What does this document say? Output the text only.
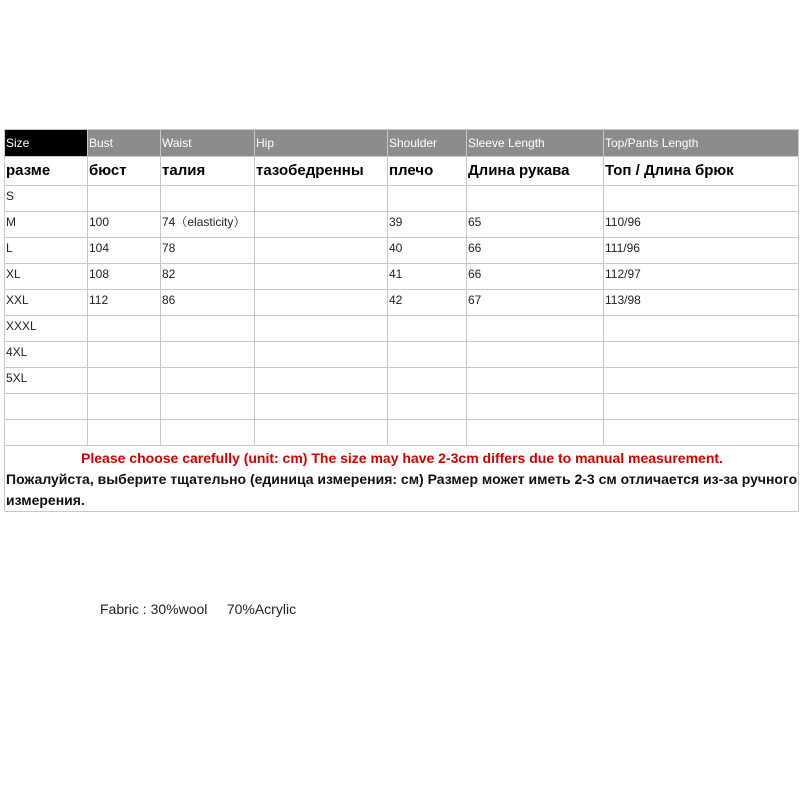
Size	Bust	Waist	Hip	Shoulder	Sleeve Length	Top/Pants Length
разме	бюст	талия	тазобедренны	плечо	Длина рукава	Топ / Длина брюк
S						
M	100	74（elasticity）		39	65	110/96
L	104	78		40	66	111/96
XL	108	82		41	66	112/97
XXL	112	86		42	67	113/98
XXXL						
4XL						
5XL						

Please choose carefully (unit: cm) The size may have 2-3cm differs due to manual measurement.
Пожалуйста, выберите тщательно (единица измерения: см) Размер может иметь 2-3 см отличается из-за ручного измерения.						
Fabric : 30%wool     70%Acrylic
